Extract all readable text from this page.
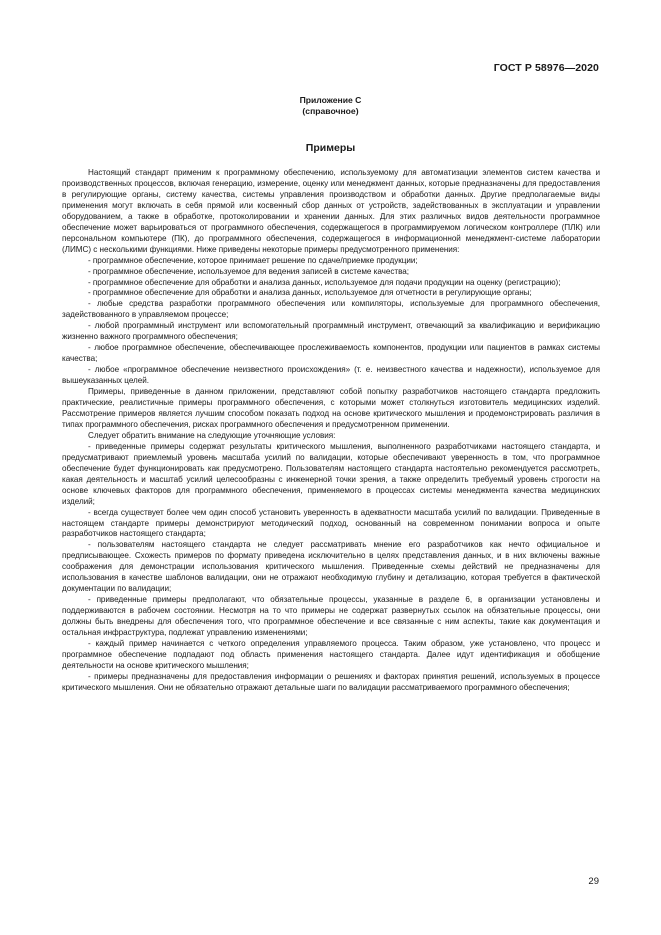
ГОСТ Р 58976—2020
Приложение С
(справочное)
Примеры

Настоящий стандарт применим к программному обеспечению, используемому для автоматизации элементов систем качества и производственных процессов, включая генерацию, измерение, оценку или менеджмент данных, которые предназначены для предоставления в регулирующие органы, систему качества, системы управления производством и обработки данных. Другие предполагаемые виды применения могут включать в себя прямой или косвенный сбор данных от устройств, задействованных в эксплуатации и управлении оборудованием, а также в обработке, протоколировании и хранении данных. Для этих различных видов деятельности программное обеспечение может варьироваться от программного обеспечения, содержащегося в программируемом логическом контроллере (ПЛК) или персональном компьютере (ПК), до программного обеспечения, содержащегося в информационной менеджмент-системе лаборатории (ЛИМС) с несколькими функциями. Ниже приведены некоторые примеры предусмотренного применения:

- программное обеспечение, которое принимает решение по сдаче/приемке продукции;

- программное обеспечение, используемое для ведения записей в системе качества;

- программное обеспечение для обработки и анализа данных, используемое для подачи продукции на оценку (регистрацию);

- программное обеспечение для обработки и анализа данных, используемое для отчетности в регулирующие органы;

- любые средства разработки программного обеспечения или компиляторы, используемые для программного обеспечения, задействованного в управляемом процессе;

- любой программный инструмент или вспомогательный программный инструмент, отвечающий за квалификацию и верификацию жизненно важного программного обеспечения;

- любое программное обеспечение, обеспечивающее прослеживаемость компонентов, продукции или пациентов в рамках системы качества;

- любое «программное обеспечение неизвестного происхождения» (т. е. неизвестного качества и надежности), используемое для вышеуказанных целей.

Примеры, приведенные в данном приложении, представляют собой попытку разработчиков настоящего стандарта предложить практические, реалистичные примеры программного обеспечения, с которыми может столкнуться изготовитель медицинских изделий. Рассмотрение примеров является лучшим способом показать подход на основе критического мышления и продемонстрировать различия в типах программного обеспечения, рисках программного обеспечения и предусмотренном применении.

Следует обратить внимание на следующие уточняющие условия:

- приведенные примеры содержат результаты критического мышления, выполненного разработчиками настоящего стандарта, и предусматривают приемлемый уровень масштаба усилий по валидации, которые обеспечивают уверенность в том, что программное обеспечение будет функционировать как предусмотрено. Пользователям настоящего стандарта настоятельно рекомендуется рассмотреть, какая деятельность и масштаб усилий целесообразны с инженерной точки зрения, а также определить требуемый уровень строгости на основе ключевых факторов для программного обеспечения, применяемого в процессах системы менеджмента качества медицинских изделий;

- всегда существует более чем один способ установить уверенность в адекватности масштаба усилий по валидации. Приведенные в настоящем стандарте примеры демонстрируют методический подход, основанный на современном понимании вопроса и опыте разработчиков настоящего стандарта;

- пользователям настоящего стандарта не следует рассматривать мнение его разработчиков как нечто официальное и предписывающее. Схожесть примеров по формату приведена исключительно в целях представления данных, и в них включены важные соображения для демонстрации использования критического мышления. Приведенные схемы действий не предназначены для использования в качестве шаблонов валидации, они не отражают необходимую глубину и детализацию, которая требуется в фактической документации по валидации;

- приведенные примеры предполагают, что обязательные процессы, указанные в разделе 6, в организации установлены и поддерживаются в рабочем состоянии. Несмотря на то что примеры не содержат развернутых ссылок на обязательные процессы, они должны быть внедрены для обеспечения того, что программное обеспечение и все связанные с ним аспекты, такие как документация и остальная инфраструктура, подлежат управлению изменениями;

- каждый пример начинается с четкого определения управляемого процесса. Таким образом, уже установлено, что процесс и программное обеспечение подпадают под область применения настоящего стандарта. Далее идут идентификация и обобщение деятельности на основе критического мышления;

- примеры предназначены для предоставления информации о решениях и факторах принятия решений, используемых в процессе критического мышления. Они не обязательно отражают детальные шаги по валидации рассматриваемого программного обеспечения;

29
